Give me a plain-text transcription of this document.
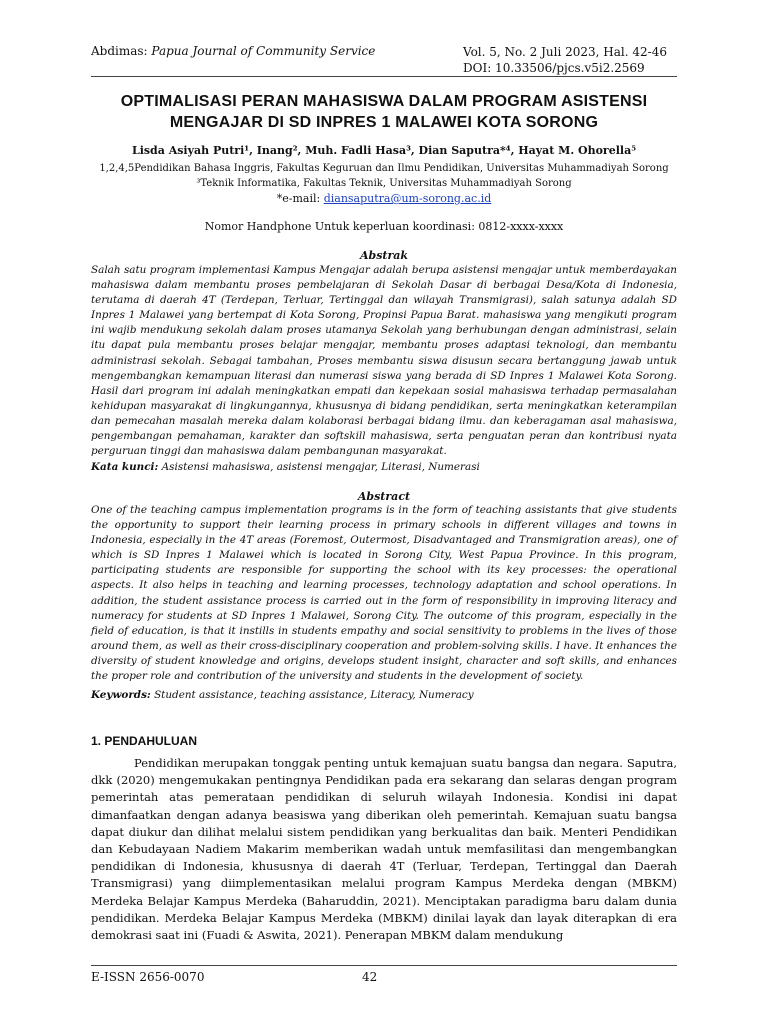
Abdimas: Papua Journal of Community Service	Vol. 5, No. 2 Juli 2023, Hal. 42-46
DOI: 10.33506/pjcs.v5i2.2569
OPTIMALISASI PERAN MAHASISWA DALAM PROGRAM ASISTENSI
MENGAJAR DI SD INPRES 1 MALAWEI KOTA SORONG
Lisda Asiyah Putri¹, Inang², Muh. Fadli Hasa³, Dian Saputra*⁴, Hayat M. Ohorella⁵
1,2,4,5Pendidikan Bahasa Inggris, Fakultas Keguruan dan Ilmu Pendidikan, Universitas Muhammadiyah Sorong
³Teknik Informatika, Fakultas Teknik, Universitas Muhammadiyah Sorong
*e-mail: diansaputra@um-sorong.ac.id
Nomor Handphone Untuk keperluan koordinasi: 0812-xxxx-xxxx
Abstrak
Salah satu program implementasi Kampus Mengajar adalah berupa asistensi mengajar untuk memberdayakan mahasiswa dalam membantu proses pembelajaran di Sekolah Dasar di berbagai Desa/Kota di Indonesia, terutama di daerah 4T (Terdepan, Terluar, Tertinggal dan wilayah Transmigrasi), salah satunya adalah SD Inpres 1 Malawei yang bertempat di Kota Sorong, Propinsi Papua Barat. mahasiswa yang mengikuti program ini wajib mendukung sekolah dalam proses utamanya Sekolah yang berhubungan dengan administrasi, selain itu dapat pula membantu proses belajar mengajar, membantu proses adaptasi teknologi, dan membantu administrasi sekolah. Sebagai tambahan, Proses membantu siswa disusun secara bertanggung jawab untuk mengembangkan kemampuan literasi dan numerasi siswa yang berada di SD Inpres 1 Malawei Kota Sorong. Hasil dari program ini adalah meningkatkan empati dan kepekaan sosial mahasiswa terhadap permasalahan kehidupan masyarakat di lingkungannya, khususnya di bidang pendidikan, serta meningkatkan keterampilan dan pemecahan masalah mereka dalam kolaborasi berbagai bidang ilmu. dan keberagaman asal mahasiswa, pengembangan pemahaman, karakter dan softskill mahasiswa, serta penguatan peran dan kontribusi nyata perguruan tinggi dan mahasiswa dalam pembangunan masyarakat.
Kata kunci: Asistensi mahasiswa, asistensi mengajar, Literasi, Numerasi
Abstract
One of the teaching campus implementation programs is in the form of teaching assistants that give students the opportunity to support their learning process in primary schools in different villages and towns in Indonesia, especially in the 4T areas (Foremost, Outermost, Disadvantaged and Transmigration areas), one of which is SD Inpres 1 Malawei which is located in Sorong City, West Papua Province. In this program, participating students are responsible for supporting the school with its key processes: the operational aspects. It also helps in teaching and learning processes, technology adaptation and school operations. In addition, the student assistance process is carried out in the form of responsibility in improving literacy and numeracy for students at SD Inpres 1 Malawei, Sorong City. The outcome of this program, especially in the field of education, is that it instills in students empathy and social sensitivity to problems in the lives of those around them, as well as their cross-disciplinary cooperation and problem-solving skills. I have. It enhances the diversity of student knowledge and origins, develops student insight, character and soft skills, and enhances the proper role and contribution of the university and students in the development of society.
Keywords: Student assistance, teaching assistance, Literacy, Numeracy
1. PENDAHULUAN
Pendidikan merupakan tonggak penting untuk kemajuan suatu bangsa dan negara. Saputra, dkk (2020) mengemukakan pentingnya Pendidikan pada era sekarang dan selaras dengan program pemerintah atas pemerataan pendidikan di seluruh wilayah Indonesia. Kondisi ini dapat dimanfaatkan dengan adanya beasiswa yang diberikan oleh pemerintah. Kemajuan suatu bangsa dapat diukur dan dilihat melalui sistem pendidikan yang berkualitas dan baik. Menteri Pendidikan dan Kebudayaan Nadiem Makarim memberikan wadah untuk memfasilitasi dan mengembangkan pendidikan di Indonesia, khususnya di daerah 4T (Terluar, Terdepan, Tertinggal dan Daerah Transmigrasi) yang diimplementasikan melalui program Kampus Merdeka dengan (MBKM) Merdeka Belajar Kampus Merdeka (Baharuddin, 2021). Menciptakan paradigma baru dalam dunia pendidikan. Merdeka Belajar Kampus Merdeka (MBKM) dinilai layak dan layak diterapkan di era demokrasi saat ini (Fuadi & Aswita, 2021). Penerapan MBKM dalam mendukung
E-ISSN 2656-0070	42
